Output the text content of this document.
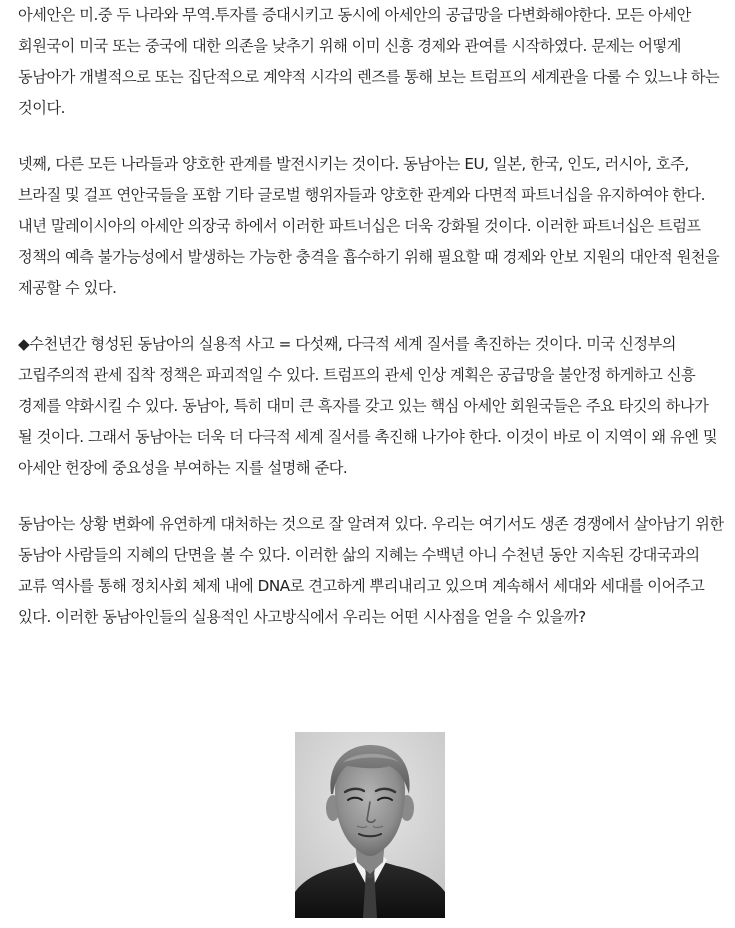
아세안은 미.중 두 나라와 무역.투자를 증대시키고 동시에 아세안의 공급망을 다변화해야한다. 모든 아세안 회원국이 미국 또는 중국에 대한 의존을 낮추기 위해 이미 신흥 경제와 관여를 시작하였다. 문제는 어떻게 동남아가 개별적으로 또는 집단적으로 계약적 시각의 렌즈를 통해 보는 트럼프의 세계관을 다룰 수 있느냐 하는 것이다.

넷째, 다른 모든 나라들과 양호한 관계를 발전시키는 것이다. 동남아는 EU, 일본, 한국, 인도, 러시아, 호주, 브라질 및 걸프 연안국들을 포함 기타 글로벌 행위자들과 양호한 관계와 다면적 파트너십을 유지하여야 한다. 내년 말레이시아의 아세안 의장국 하에서 이러한 파트너십은 더욱 강화될 것이다. 이러한 파트너십은 트럼프 정책의 예측 불가능성에서 발생하는 가능한 충격을 흡수하기 위해 필요할 때 경제와 안보 지원의 대안적 원천을 제공할 수 있다.

◆수천년간 형성된 동남아의 실용적 사고 = 다섯째, 다극적 세계 질서를 촉진하는 것이다. 미국 신정부의 고립주의적 관세 집착 정책은 파괴적일 수 있다. 트럼프의 관세 인상 계획은 공급망을 불안정 하게하고 신흥 경제를 약화시킬 수 있다. 동남아, 특히 대미 큰 흑자를 갖고 있는 핵심 아세안 회원국들은 주요 타깃의 하나가 될 것이다. 그래서 동남아는 더욱 더 다극적 세계 질서를 촉진해 나가야 한다. 이것이 바로 이 지역이 왜 유엔 및 아세안 헌장에 중요성을 부여하는 지를 설명해 준다.

동남아는 상황 변화에 유연하게 대처하는 것으로 잘 알려져 있다. 우리는 여기서도 생존 경쟁에서 살아남기 위한 동남아 사람들의 지혜의 단면을 볼 수 있다. 이러한 삶의 지혜는 수백년 아니 수천년 동안 지속된 강대국과의 교류 역사를 통해 정치사회 체제 내에 DNA로 견고하게 뿌리내리고 있으며 계속해서 세대와 세대를 이어주고 있다. 이러한 동남아인들의 실용적인 사고방식에서 우리는 어떤 시사점을 얻을 수 있을까?
